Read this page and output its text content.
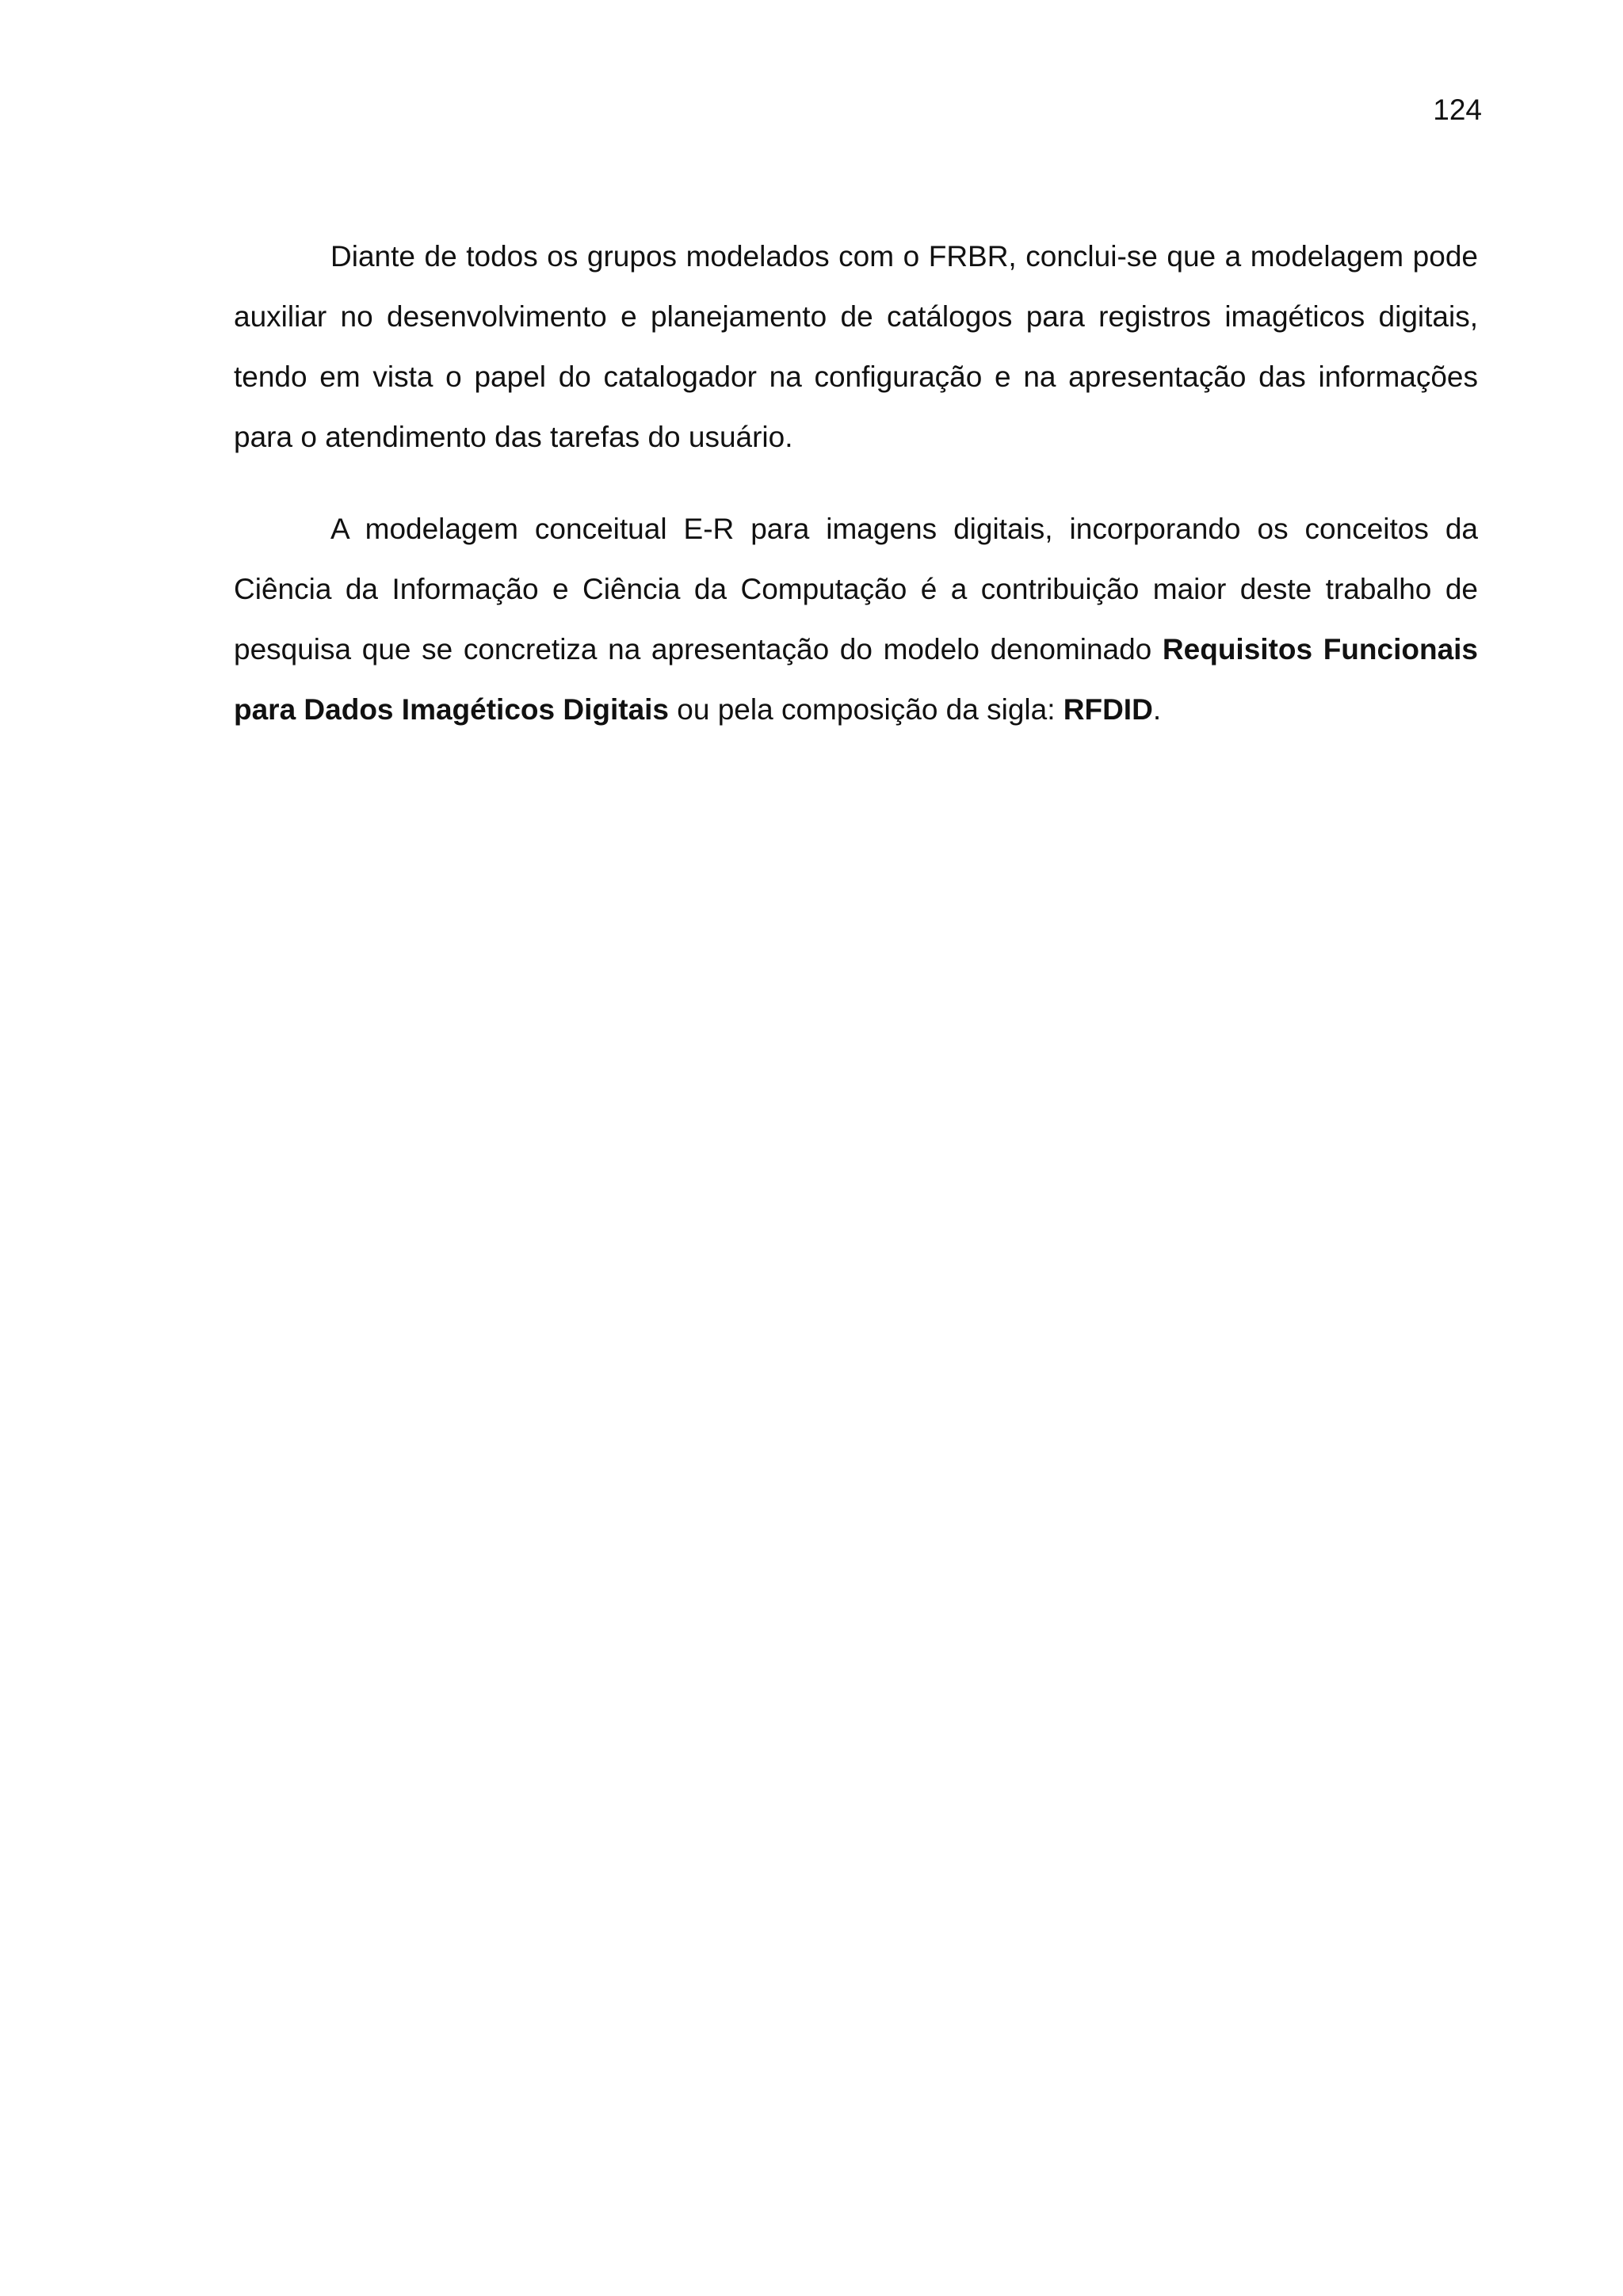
124

Diante de todos os grupos modelados com o FRBR, conclui-se que a modelagem pode auxiliar no desenvolvimento e planejamento de catálogos para registros imagéticos digitais, tendo em vista o papel do catalogador na configuração e na apresentação das informações para o atendimento das tarefas do usuário.

A modelagem conceitual E-R para imagens digitais, incorporando os conceitos da Ciência da Informação e Ciência da Computação é a contribuição maior deste trabalho de pesquisa que se concretiza na apresentação do modelo denominado Requisitos Funcionais para Dados Imagéticos Digitais ou pela composição da sigla: RFDID.
